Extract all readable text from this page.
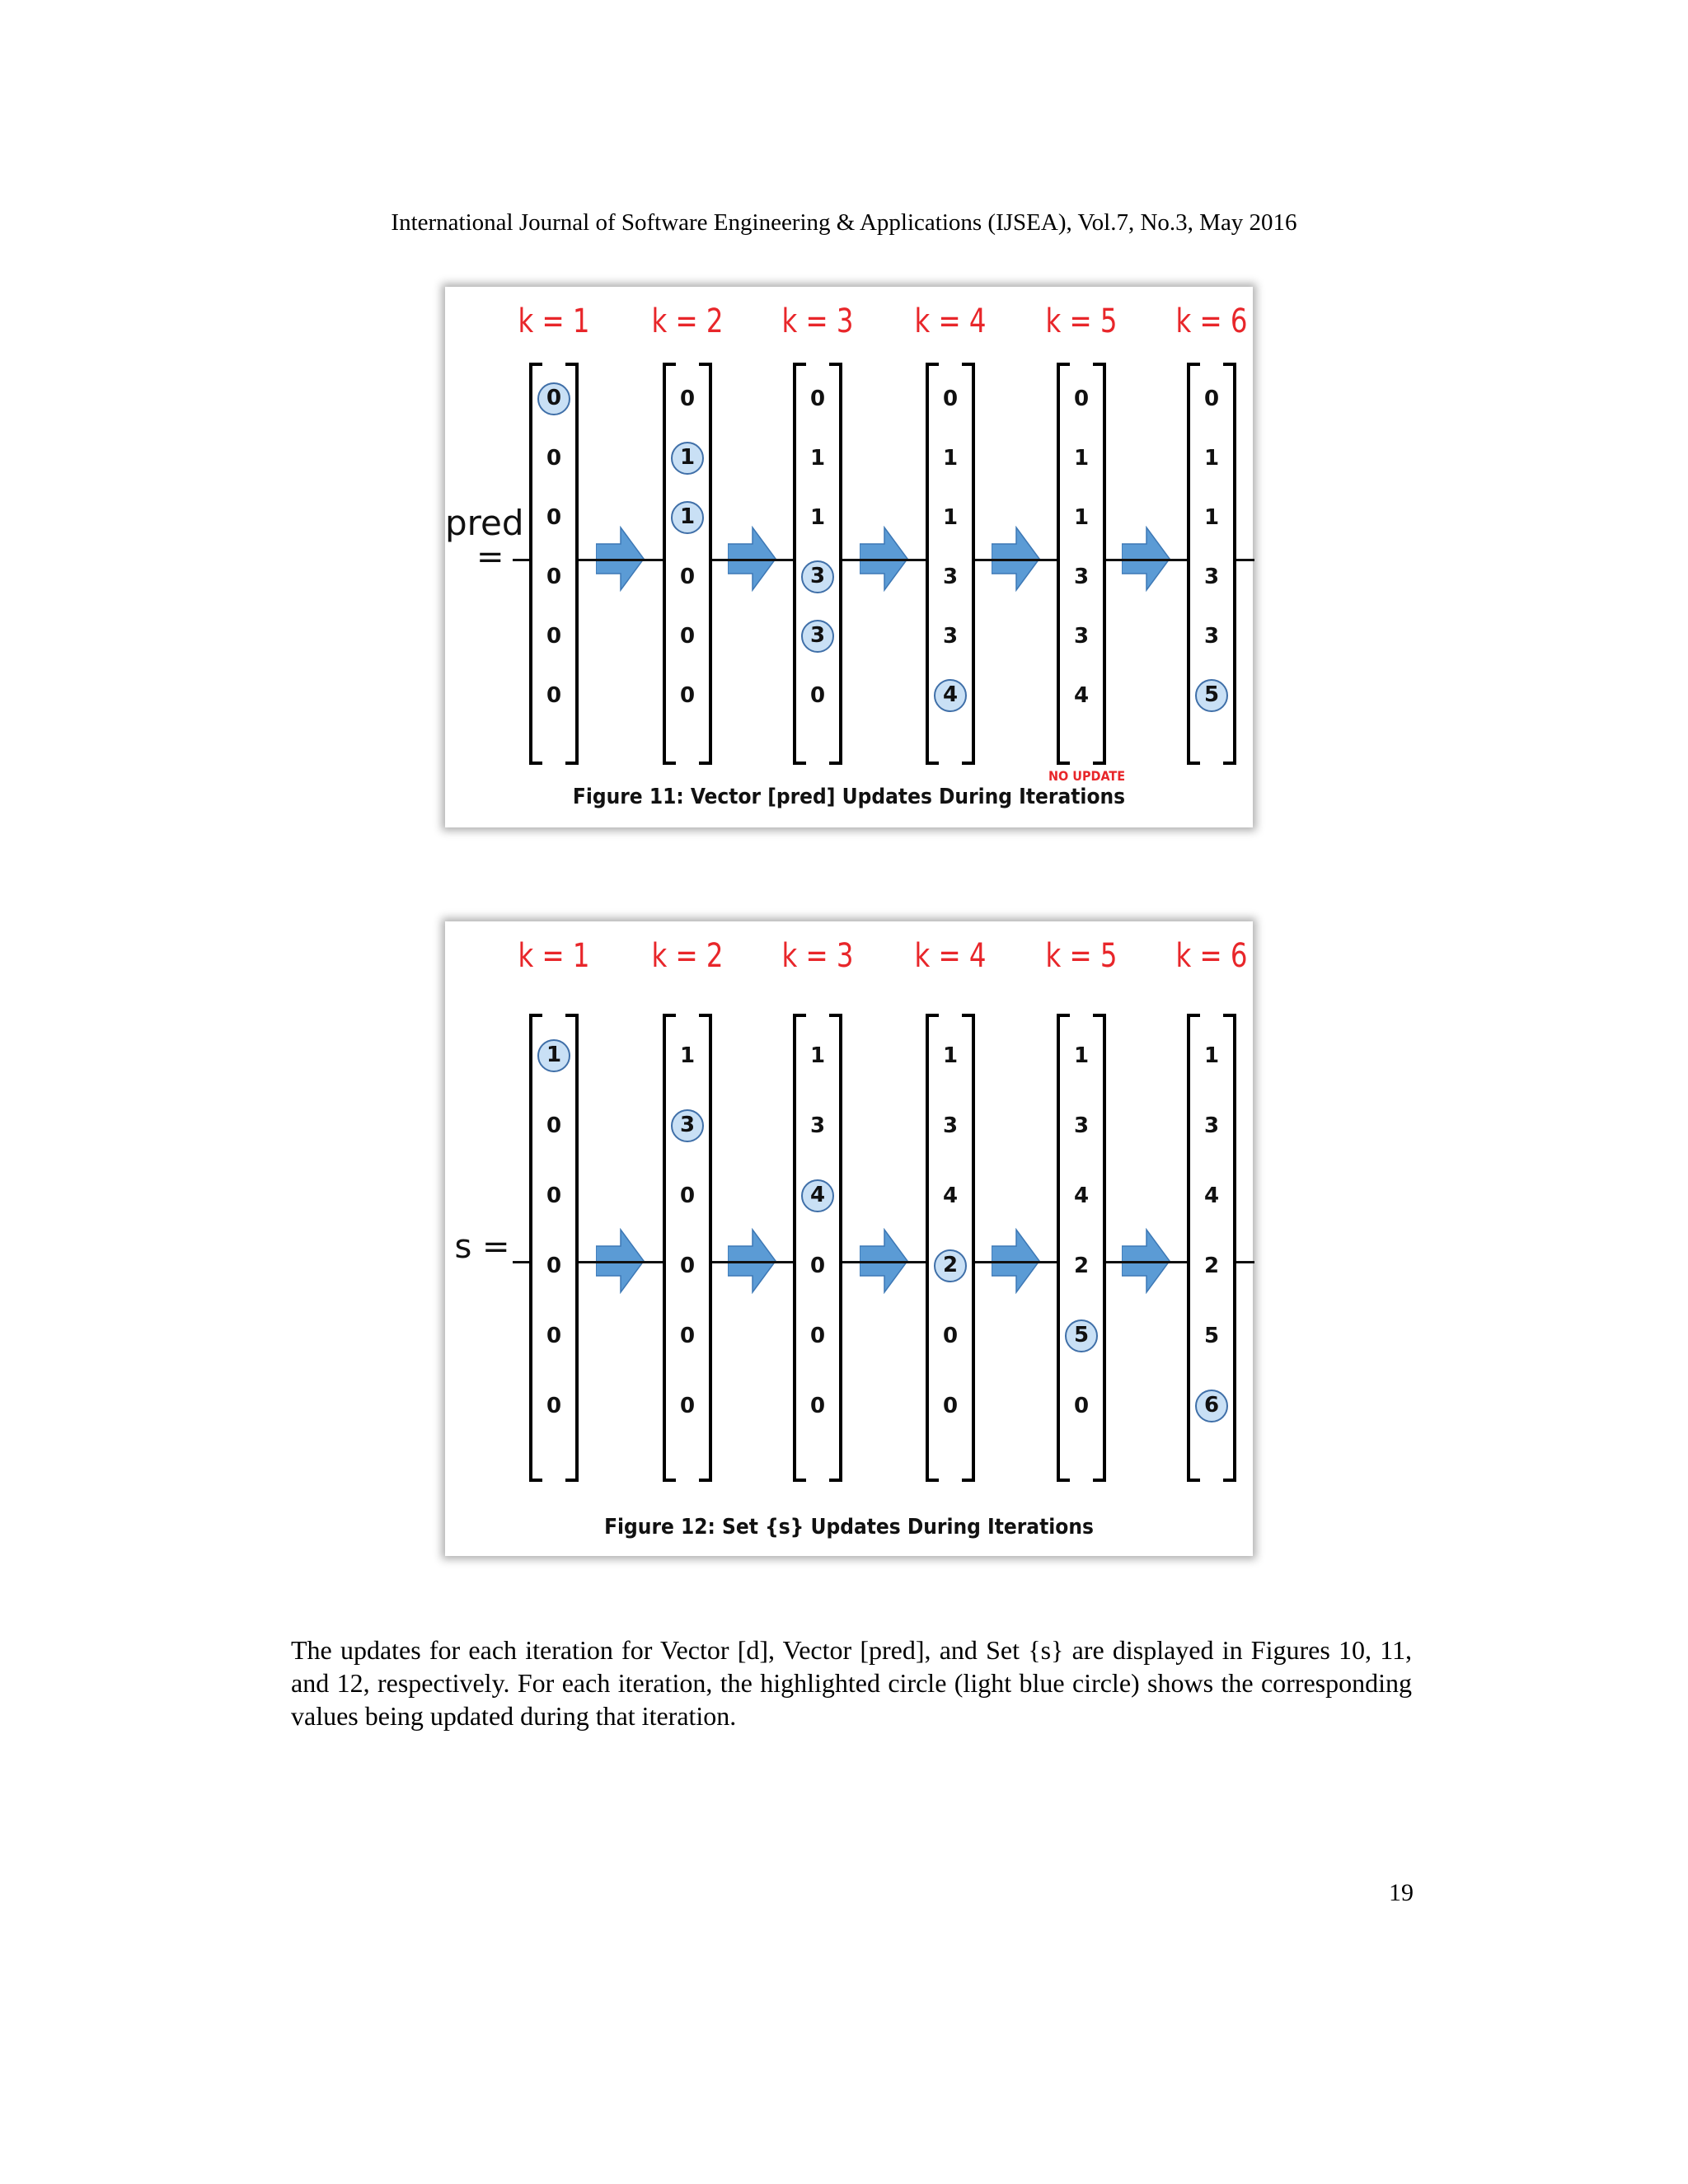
International Journal of Software Engineering & Applications (IJSEA), Vol.7, No.3, May 2016
pred
=
k = 1
0
0
0
0
0
0
k = 2
0
1
1
0
0
0
k = 3
0
1
1
3
3
0
k = 4
0
1
1
3
3
4
k = 5
0
1
1
3
3
4
k = 6
0
1
1
3
3
5
NO UPDATE
Figure 11: Vector [pred] Updates During Iterations
s =
k = 1
1
0
0
0
0
0
k = 2
1
3
0
0
0
0
k = 3
1
3
4
0
0
0
k = 4
1
3
4
2
0
0
k = 5
1
3
4
2
5
0
k = 6
1
3
4
2
5
6
Figure 12: Set {s} Updates During Iterations
The updates for each iteration for Vector [d], Vector [pred], and Set {s} are displayed in Figures 10, 11, and 12, respectively. For each iteration, the highlighted circle (light blue circle) shows the corresponding values being updated during that iteration.
19
